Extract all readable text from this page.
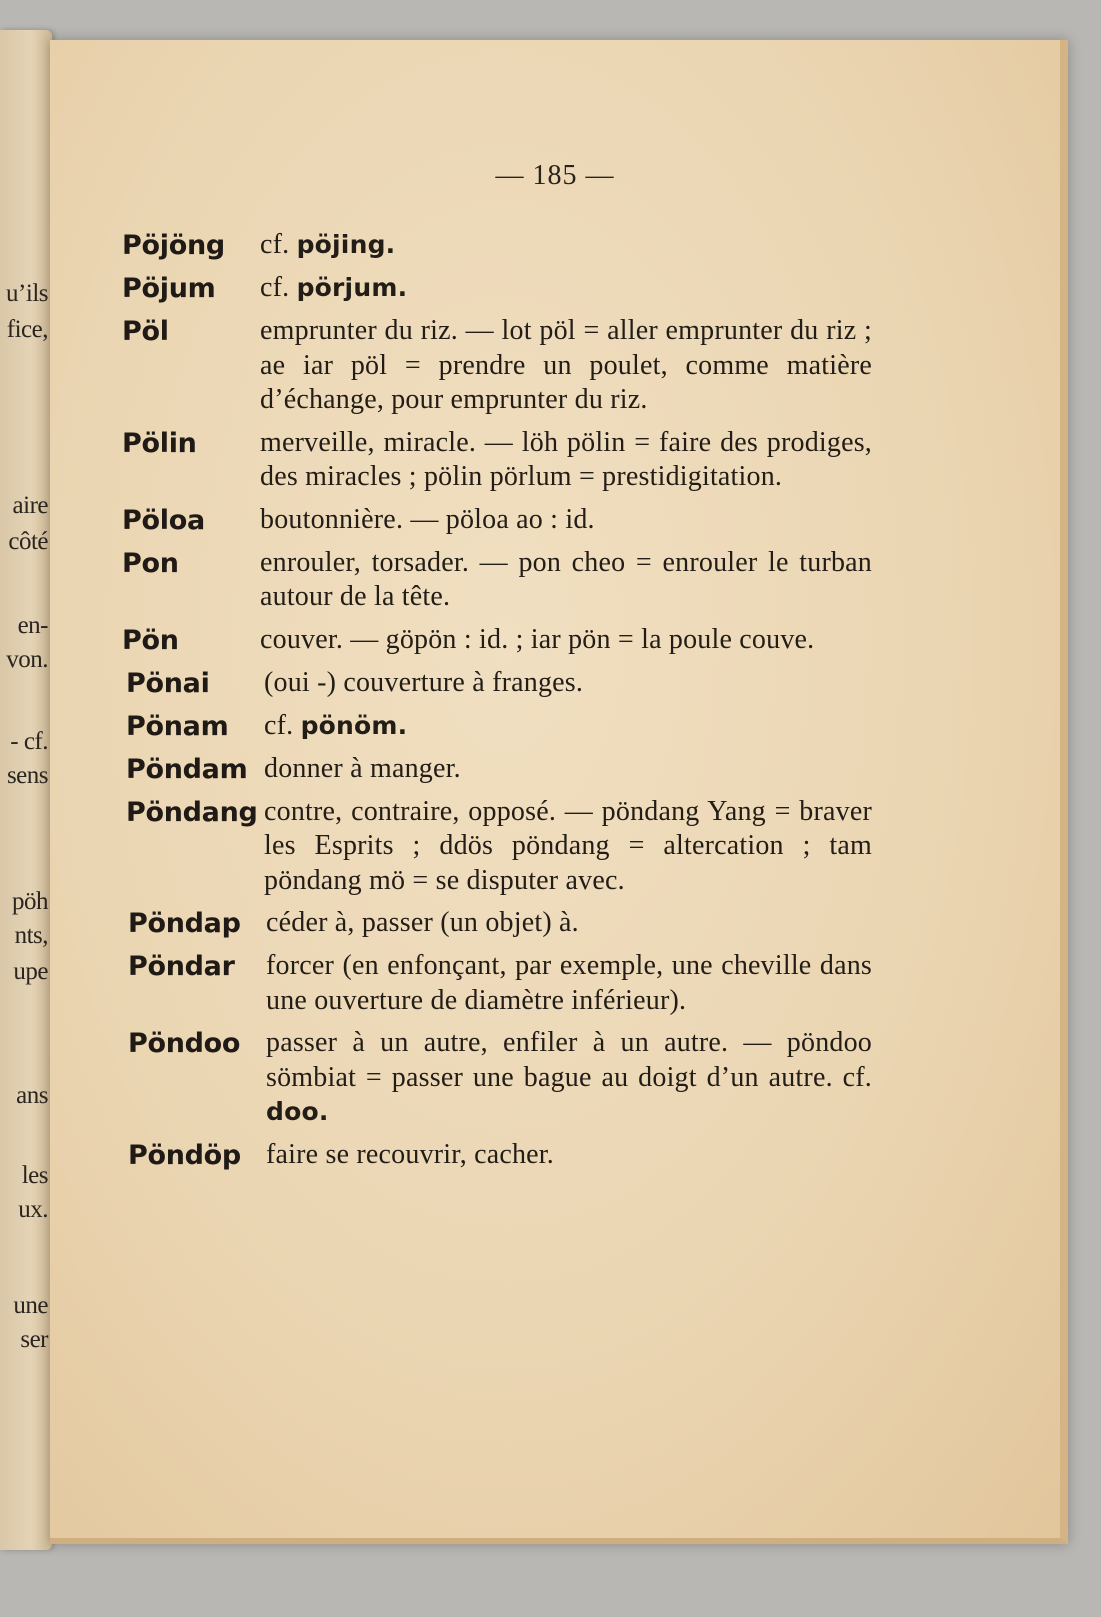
u’ils
fice,
aire
côté
en-
von.
- cf.
sens
pöh
nts,
upe
ans
les
ux.
une
ser

— 185 —
Pöjöng	cf. pöjing.
Pöjum	cf. pörjum.
Pöl	emprunter du riz. — lot pöl = aller emprunter du riz ; ae iar pöl = prendre un poulet, comme matière d’échange, pour emprunter du riz.
Pölin	merveille, miracle. — löh pölin = faire des prodiges, des miracles ; pölin pörlum = prestidigitation.
Pöloa	boutonnière. — pöloa ao : id.
Pon	enrouler, torsader. — pon cheo = enrouler le turban autour de la tête.
Pön	couver. — göpön : id. ; iar pön = la poule couve.
Pönai	(oui -) couverture à franges.
Pönam	cf. pönöm.
Pöndam donner à manger.
Pöndang contre, contraire, opposé. — pöndang Yang = braver les Esprits ; ddös pöndang = altercation ; tam pöndang mö = se disputer avec.
Pöndap céder à, passer (un objet) à.
Pöndar	forcer (en enfonçant, par exemple, une cheville dans une ouverture de diamètre inférieur).
Pöndoo passer à un autre, enfiler à un autre. — pöndoo sömbiat = passer une bague au doigt d’un autre. cf. doo.
Pöndöp faire se recouvrir, cacher.
